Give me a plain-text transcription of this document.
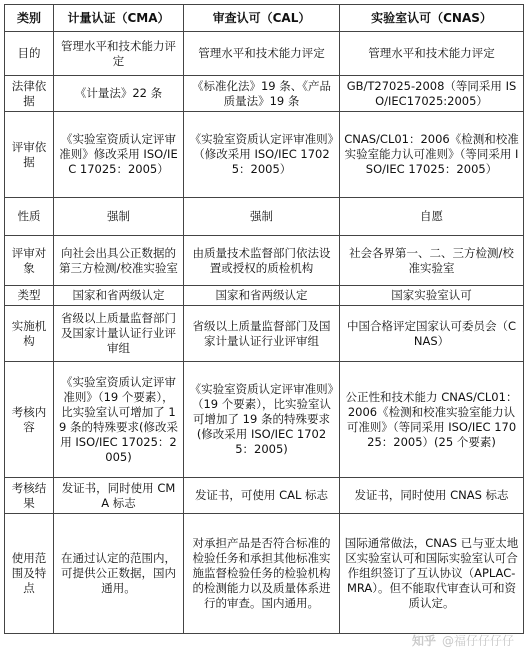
类别	计量认证（CMA）	审查认可（CAL）	实验室认可（CNAS）
目的	管理水平和技术能力评定	管理水平和技术能力评定	管理水平和技术能力评定
法律依据	《计量法》22 条	《标准化法》19 条、《产品质量法》19 条	GB/T27025-2008（等同采用 ISO/IEC17025:2005）
评审依据	《实验室资质认定评审准则》修改采用 ISO/IEC 17025：2005）	《实验室资质认定评审准则》（修改采用 ISO/IEC 17025：2005）	CNAS/CL01：2006《检测和校准实验室能力认可准则》（等同采用 ISO/IEC 17025：2005）
性质	强制	强制	自愿
评审对象	向社会出具公正数据的第三方检测/校准实验室	由质量技术监督部门依法设置或授权的质检机构	社会各界第一、二、三方检测/校准实验室
类型	国家和省两级认定	国家和省两级认定	国家实验室认可
实施机构	省级以上质量监督部门及国家计量认证行业评审组	省级以上质量监督部门及国家计量认证行业评审组	中国合格评定国家认可委员会（CNAS）
考核内容	《实验室资质认定评审准则》（19 个要素），比实验室认可增加了 19 条的特殊要求(修改采用 ISO/IEC 17025：2005)	《实验室资质认定评审准则》（19 个要素），比实验室认可增加了 19 条的特殊要求(修改采用 ISO/IEC 17025：2005)	公正性和技术能力 CNAS/CL01：2006《检测和校准实验室能力认可准则》（等同采用 ISO/IEC 17025：2005）(25 个要素)
考核结果	发证书，同时使用 CMA 标志	发证书，可使用 CAL 标志	发证书，同时使用 CNAS 标志
使用范围及特点	在通过认定的范围内，可提供公正数据，国内通用。	对承担产品是否符合标准的检验任务和承担其他标准实施监督检验任务的检验机构的检测能力以及质量体系进行的审查。国内通用。	国际通常做法，CNAS 已与亚太地区实验室认可和国际实验室认可合作组织签订了互认协议（APLAC-MRA）。但不能取代审查认可和资质认定。
知乎 @福仔仔仔仔
